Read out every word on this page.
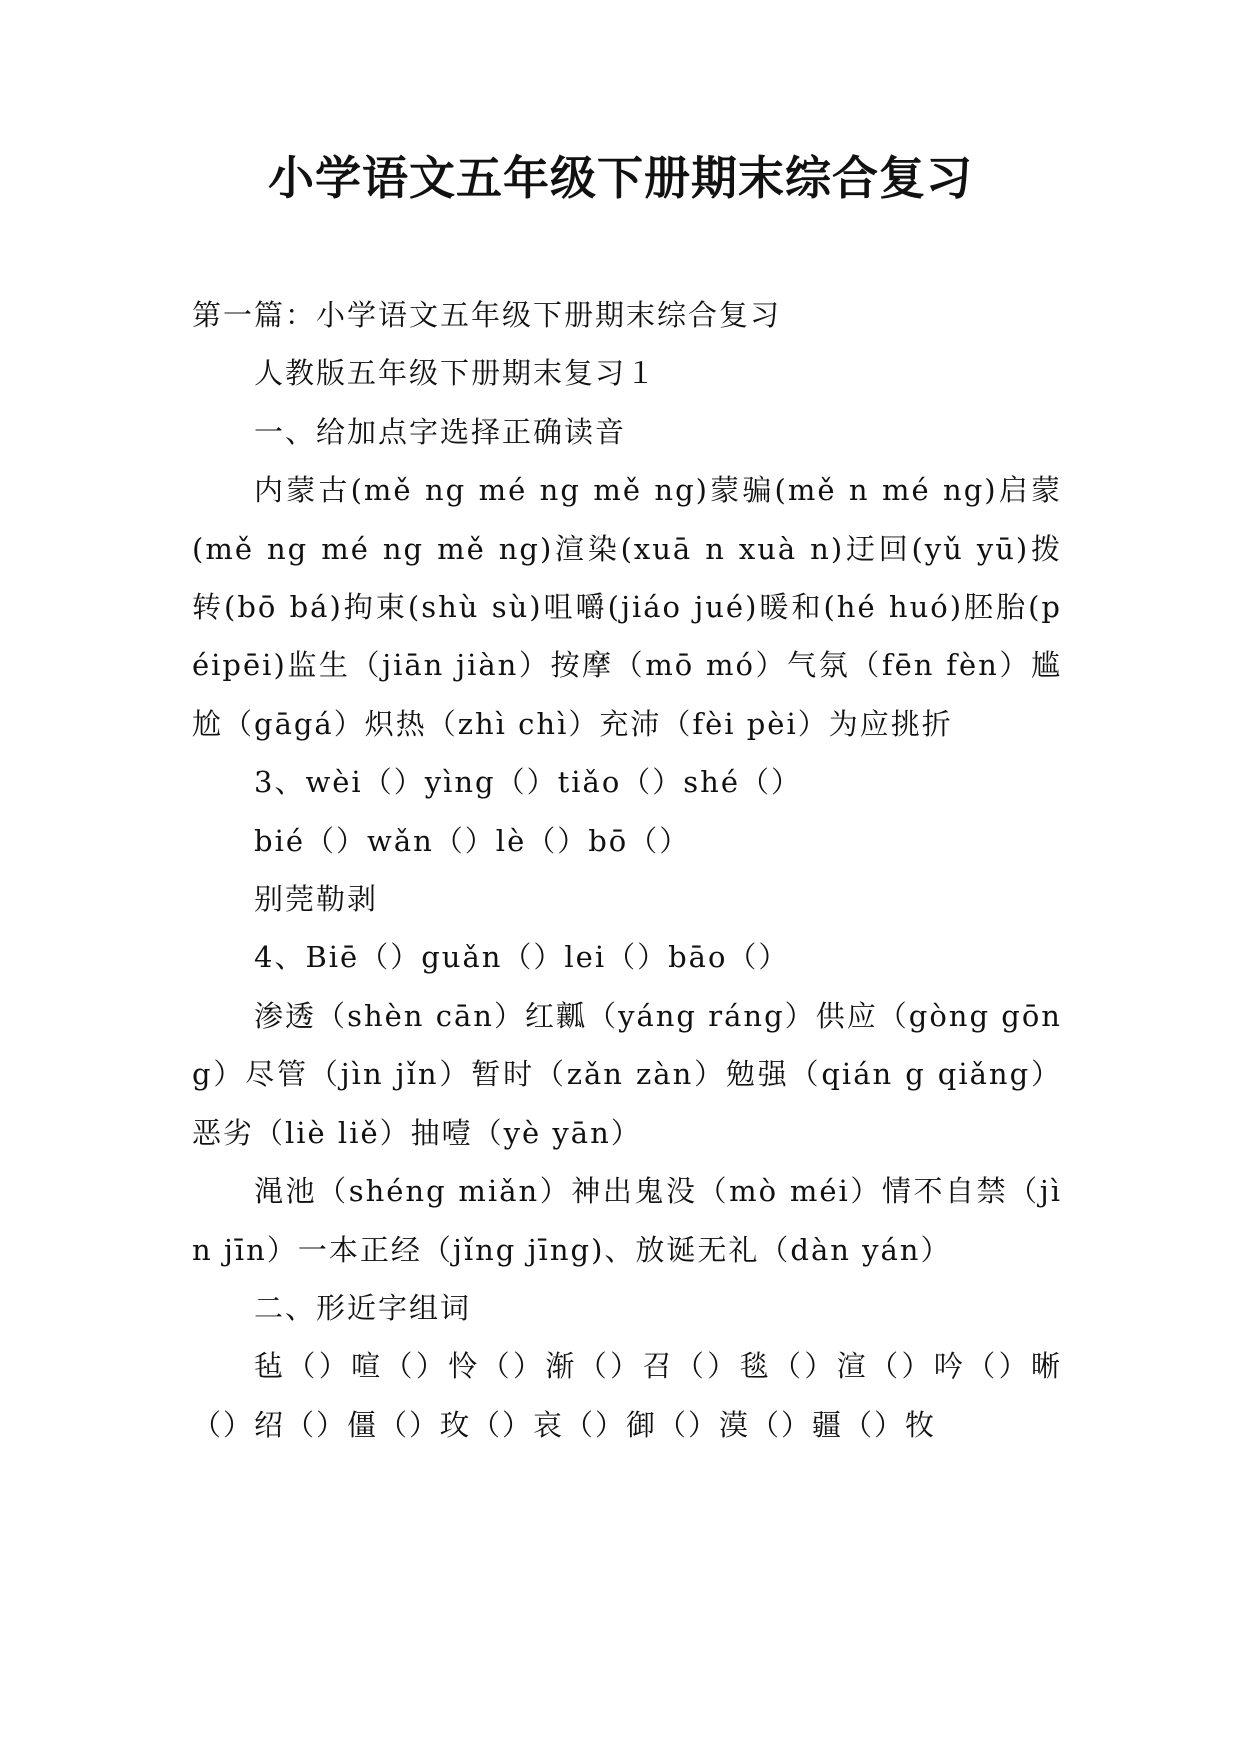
小学语文五年级下册期末综合复习

第一篇：小学语文五年级下册期末综合复习

人教版五年级下册期末复习１

一、给加点字选择正确读音

内蒙古(mě ng mé ng mě ng)蒙骗(mě n mé ng)启蒙(mě ng mé ng mě ng)渲染(xuā n xuà n)迂回(yǔ yū)拨转(bō bá)拘束(shù sù)咀嚼(jiáo jué)暖和(hé huó)胚胎(péipēi)监生（jiān jiàn）按摩（mō mó）气氛（fēn fèn）尴尬（gāgá）炽热（zhì chì）充沛（fèi pèi）为应挑折

3、wèi（）yìng（）tiǎo（）shé（）

bié（）wǎn（）lè（）bō（）

别莞勒剥

4、Biē（）guǎn（）lei（）bāo（）

渗透（shèn cān）红瓤（yáng ráng）供应（gòng gōng）尽管（jìn jǐn）暂时（zǎn zàn）勉强（qián g qiǎng）恶劣（liè liě）抽噎（yè yān）

渑池（shéng miǎn）神出鬼没（mò méi）情不自禁（jìn jīn）一本正经（jǐng jīng)、放诞无礼（dàn yán）

二、形近字组词

毡（）喧（）怜（）渐（）召（）毯（）渲（）吟（）晰（）绍（）僵（）玫（）哀（）御（）漠（）疆（）牧
